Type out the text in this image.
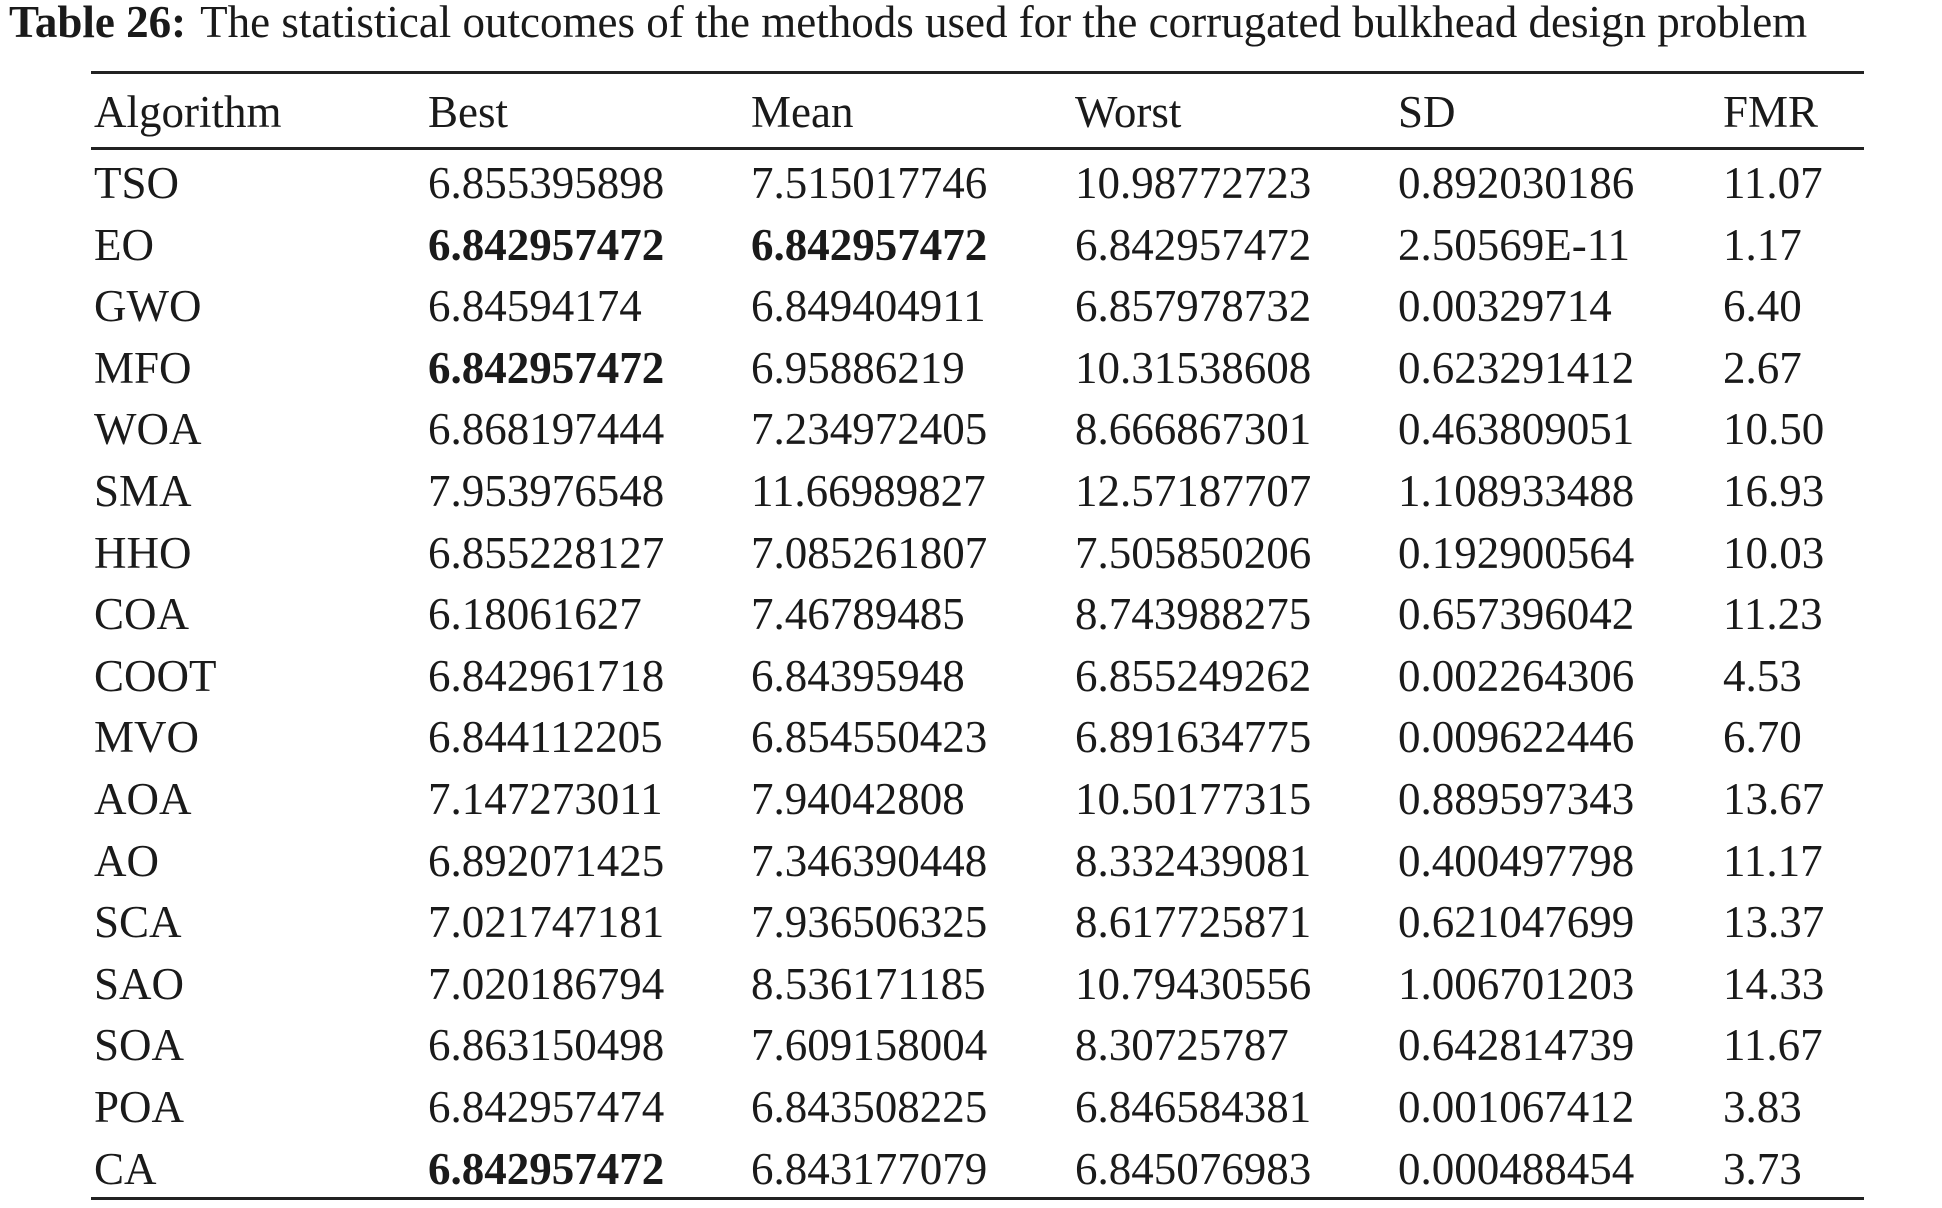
Table 26: The statistical outcomes of the methods used for the corrugated bulkhead design problem
Algorithm	Best	Mean	Worst	SD	FMR
TSO	6.855395898 7.515017746 10.98772723 0.892030186 11.07
EO	6.842957472 6.842957472 6.842957472 2.50569E-11 1.17
GWO	6.84594174 6.849404911 6.857978732 0.00329714 6.40
MFO	6.842957472 6.95886219 10.31538608 0.623291412 2.67
WOA	6.868197444 7.234972405 8.666867301 0.463809051 10.50
SMA	7.953976548 11.66989827 12.57187707 1.108933488 16.93
HHO	6.855228127 7.085261807 7.505850206 0.192900564 10.03
COA	6.18061627 7.46789485 8.743988275 0.657396042 11.23
COOT	6.842961718 6.84395948 6.855249262 0.002264306 4.53
MVO	6.844112205 6.854550423 6.891634775 0.009622446 6.70
AOA	7.147273011 7.94042808 10.50177315 0.889597343 13.67
AO	6.892071425 7.346390448 8.332439081 0.400497798 11.17
SCA	7.021747181 7.936506325 8.617725871 0.621047699 13.37
SAO	7.020186794 8.536171185 10.79430556 1.006701203 14.33
SOA	6.863150498 7.609158004 8.30725787 0.642814739 11.67
POA	6.842957474 6.843508225 6.846584381 0.001067412 3.83
CA	6.842957472 6.843177079 6.845076983 0.000488454 3.73
